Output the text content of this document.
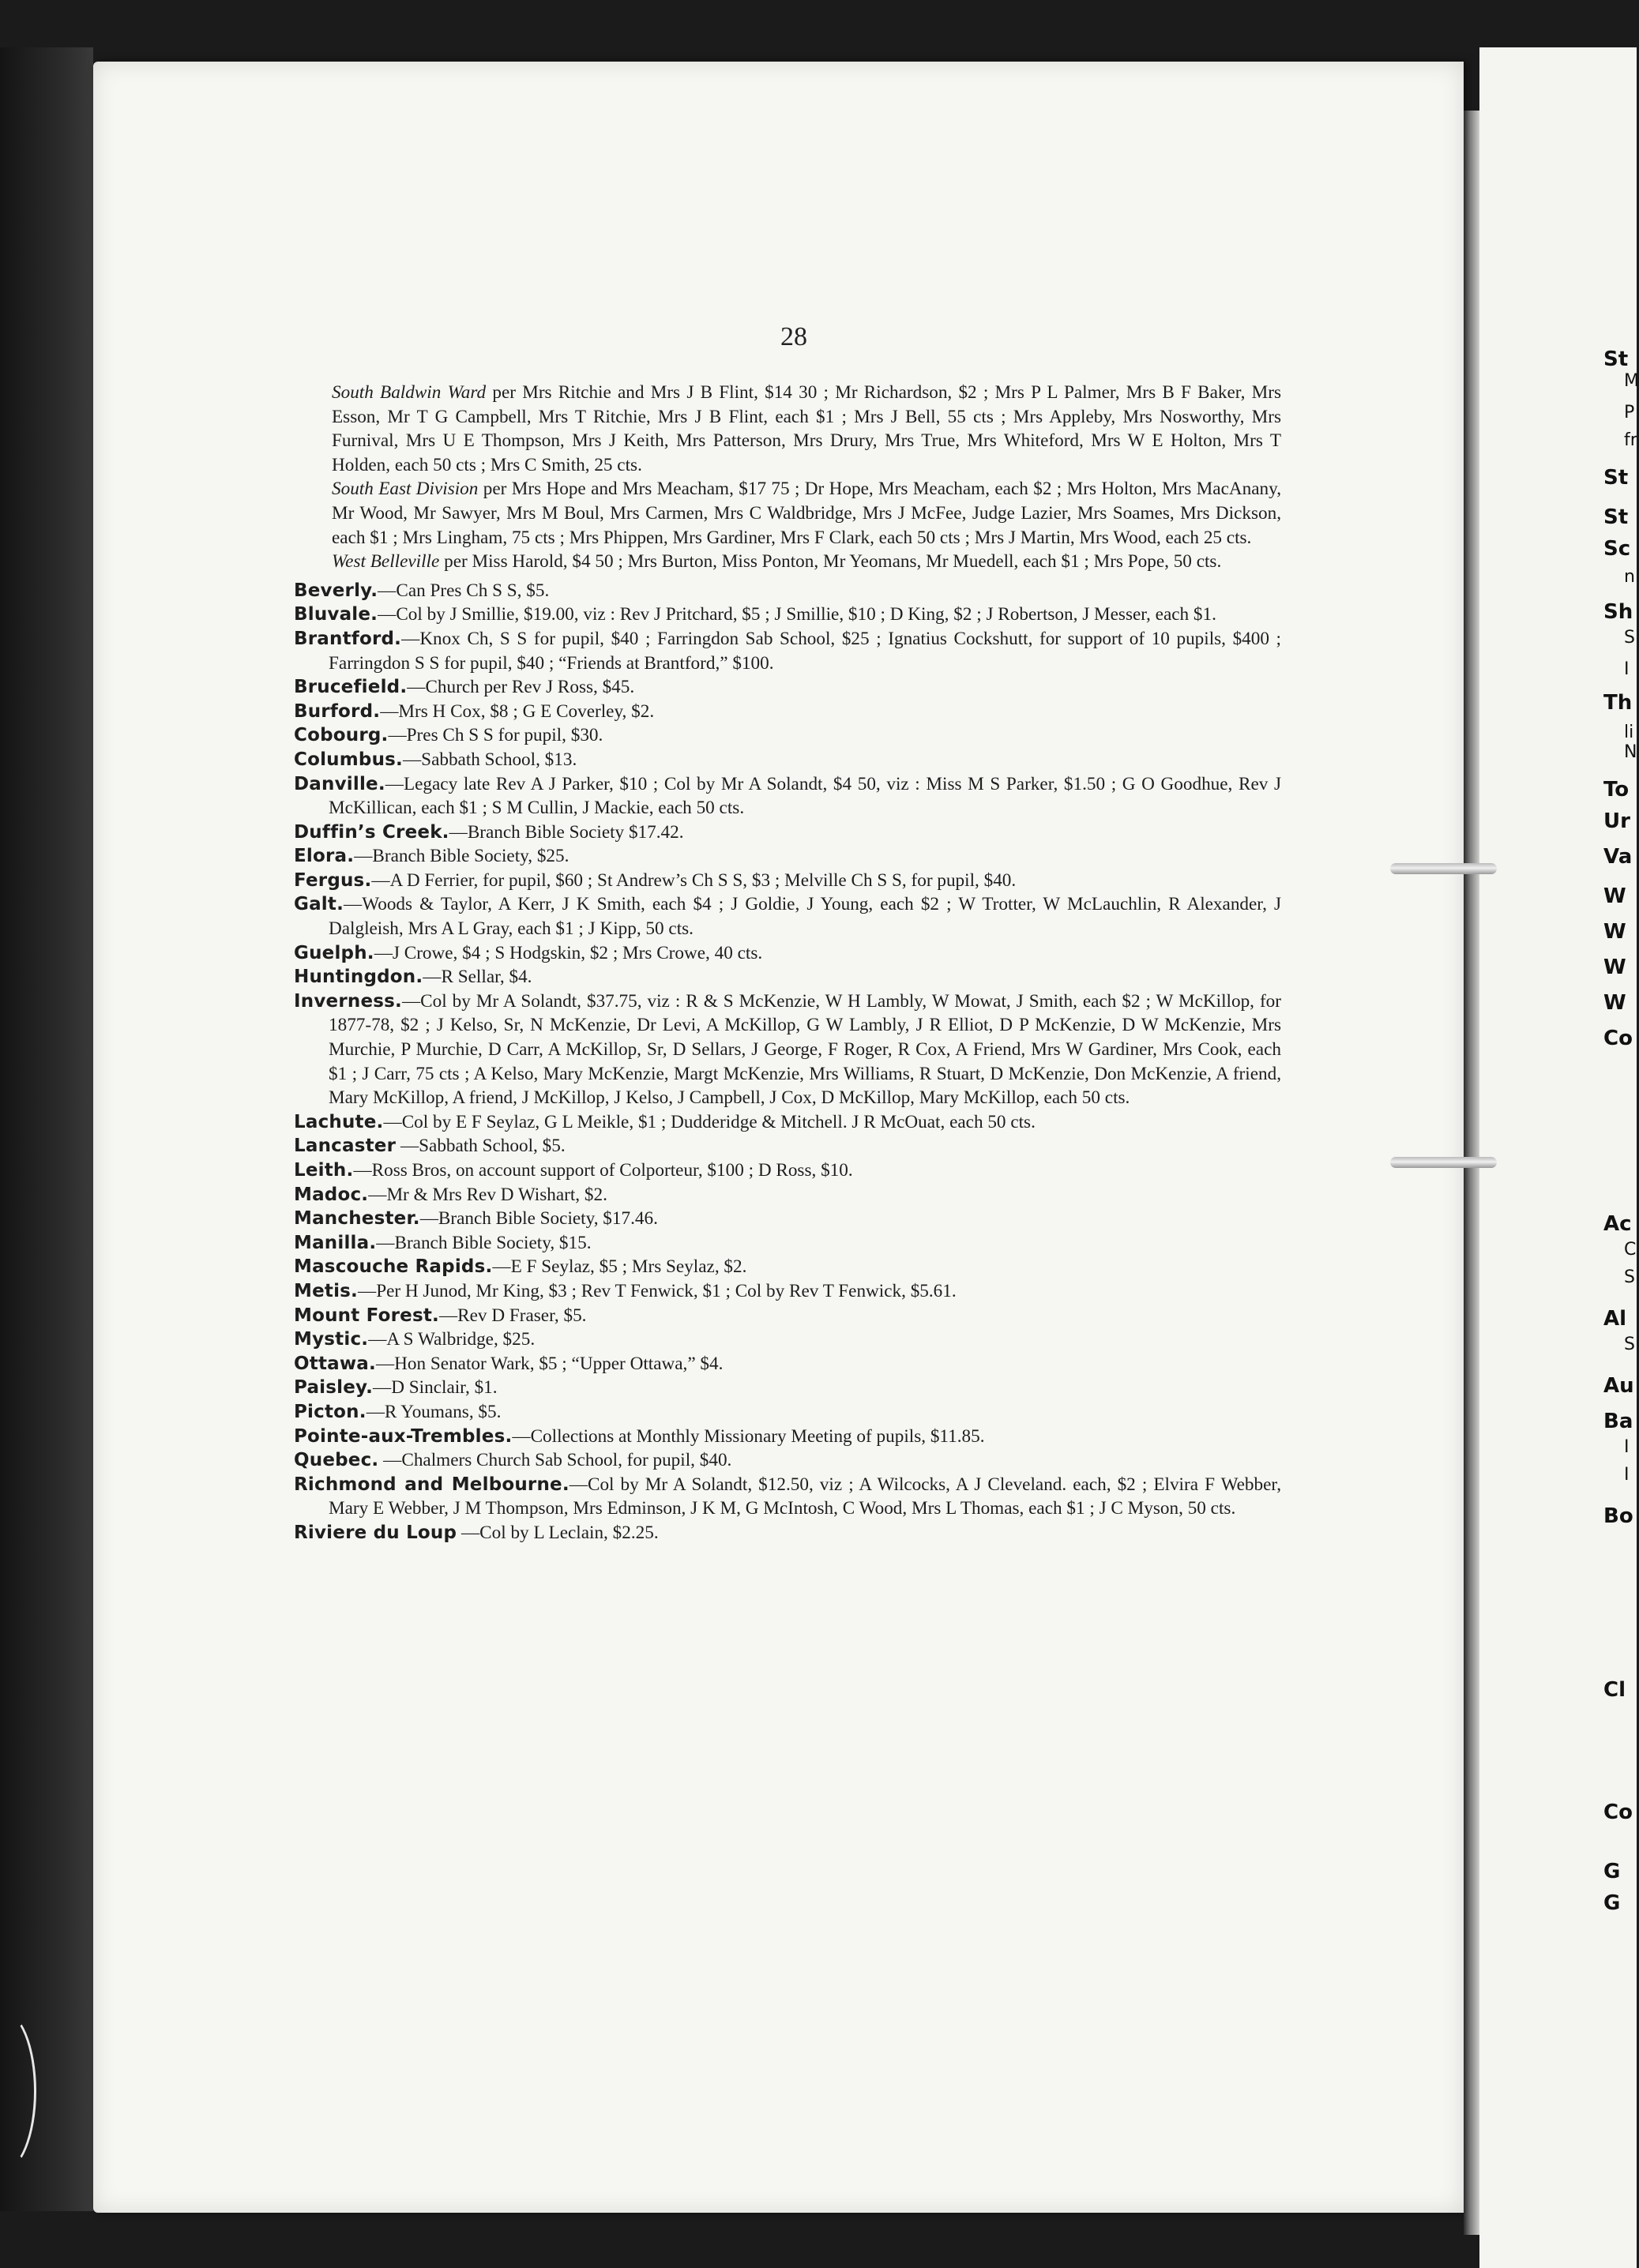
28

South Baldwin Ward per Mrs Ritchie and Mrs J B Flint, $14 30 ; Mr Richardson, $2 ; Mrs P L Palmer, Mrs B F Baker, Mrs Esson, Mr T G Campbell, Mrs T Ritchie, Mrs J B Flint, each $1 ; Mrs J Bell, 55 cts ; Mrs Appleby, Mrs Nosworthy, Mrs Furnival, Mrs U E Thompson, Mrs J Keith, Mrs Patterson, Mrs Drury, Mrs True, Mrs Whiteford, Mrs W E Holton, Mrs T Holden, each 50 cts ; Mrs C Smith, 25 cts.

South East Division per Mrs Hope and Mrs Meacham, $17 75 ; Dr Hope, Mrs Meacham, each $2 ; Mrs Holton, Mrs MacAnany, Mr Wood, Mr Sawyer, Mrs M Boul, Mrs Carmen, Mrs C Waldbridge, Mrs J McFee, Judge Lazier, Mrs Soames, Mrs Dickson, each $1 ; Mrs Lingham, 75 cts ; Mrs Phippen, Mrs Gardiner, Mrs F Clark, each 50 cts ; Mrs J Martin, Mrs Wood, each 25 cts.

West Belleville per Miss Harold, $4 50 ; Mrs Burton, Miss Ponton, Mr Yeomans, Mr Muedell, each $1 ; Mrs Pope, 50 cts.

Beverly.—Can Pres Ch S S, $5.

Bluvale.—Col by J Smillie, $19.00, viz : Rev J Pritchard, $5 ; J Smillie, $10 ; D King, $2 ; J Robertson, J Messer, each $1.

Brantford.—Knox Ch, S S for pupil, $40 ; Farringdon Sab School, $25 ; Ignatius Cockshutt, for support of 10 pupils, $400 ; Farringdon S S for pupil, $40 ; “Friends at Brantford,” $100.

Brucefield.—Church per Rev J Ross, $45.

Burford.—Mrs H Cox, $8 ; G E Coverley, $2.

Cobourg.—Pres Ch S S for pupil, $30.

Columbus.—Sabbath School, $13.

Danville.—Legacy late Rev A J Parker, $10 ; Col by Mr A Solandt, $4 50, viz : Miss M S Parker, $1.50 ; G O Goodhue, Rev J McKillican, each $1 ; S M Cullin, J Mackie, each 50 cts.

Duffin’s Creek.—Branch Bible Society $17.42.

Elora.—Branch Bible Society, $25.

Fergus.—A D Ferrier, for pupil, $60 ; St Andrew’s Ch S S, $3 ; Melville Ch S S, for pupil, $40.

Galt.—Woods & Taylor, A Kerr, J K Smith, each $4 ; J Goldie, J Young, each $2 ; W Trotter, W McLauchlin, R Alexander, J Dalgleish, Mrs A L Gray, each $1 ; J Kipp, 50 cts.

Guelph.—J Crowe, $4 ; S Hodgskin, $2 ; Mrs Crowe, 40 cts.

Huntingdon.—R Sellar, $4.

Inverness.—Col by Mr A Solandt, $37.75, viz : R & S McKenzie, W H Lambly, W Mowat, J Smith, each $2 ; W McKillop, for 1877-78, $2 ; J Kelso, Sr, N McKenzie, Dr Levi, A McKillop, G W Lambly, J R Elliot, D P McKenzie, D W McKenzie, Mrs Murchie, P Murchie, D Carr, A McKillop, Sr, D Sellars, J George, F Roger, R Cox, A Friend, Mrs W Gardiner, Mrs Cook, each $1 ; J Carr, 75 cts ; A Kelso, Mary McKenzie, Margt McKenzie, Mrs Williams, R Stuart, D McKenzie, Don McKenzie, A friend, Mary McKillop, A friend, J McKillop, J Kelso, J Campbell, J Cox, D McKillop, Mary McKillop, each 50 cts.

Lachute.—Col by E F Seylaz, G L Meikle, $1 ; Dudderidge & Mitchell. J R McOuat, each 50 cts.

Lancaster —Sabbath School, $5.

Leith.—Ross Bros, on account support of Colporteur, $100 ; D Ross, $10.

Madoc.—Mr & Mrs Rev D Wishart, $2.

Manchester.—Branch Bible Society, $17.46.

Manilla.—Branch Bible Society, $15.

Mascouche Rapids.—E F Seylaz, $5 ; Mrs Seylaz, $2.

Metis.—Per H Junod, Mr King, $3 ; Rev T Fenwick, $1 ; Col by Rev T Fenwick, $5.61.

Mount Forest.—Rev D Fraser, $5.

Mystic.—A S Walbridge, $25.

Ottawa.—Hon Senator Wark, $5 ; “Upper Ottawa,” $4.

Paisley.—D Sinclair, $1.

Picton.—R Youmans, $5.

Pointe-aux-Trembles.—Collections at Monthly Missionary Meeting of pupils, $11.85.

Quebec. —Chalmers Church Sab School, for pupil, $40.

Richmond and Melbourne.—Col by Mr A Solandt, $12.50, viz ; A Wilcocks, A J Cleveland. each, $2 ; Elvira F Webber, Mary E Webber, J M Thompson, Mrs Edminson, J K M, G McIntosh, C Wood, Mrs L Thomas, each $1 ; J C Myson, 50 cts.

Riviere du Loup —Col by L Leclain, $2.25.

St
M
P
fr
St
St
Sc
n
Sh
S
I
Th
li
N
To
Ur
Va
W
W
W
W
Co
Ac
C
S
Al
S
Au
Ba
I
I
Bo
Cl
Co
G
G
